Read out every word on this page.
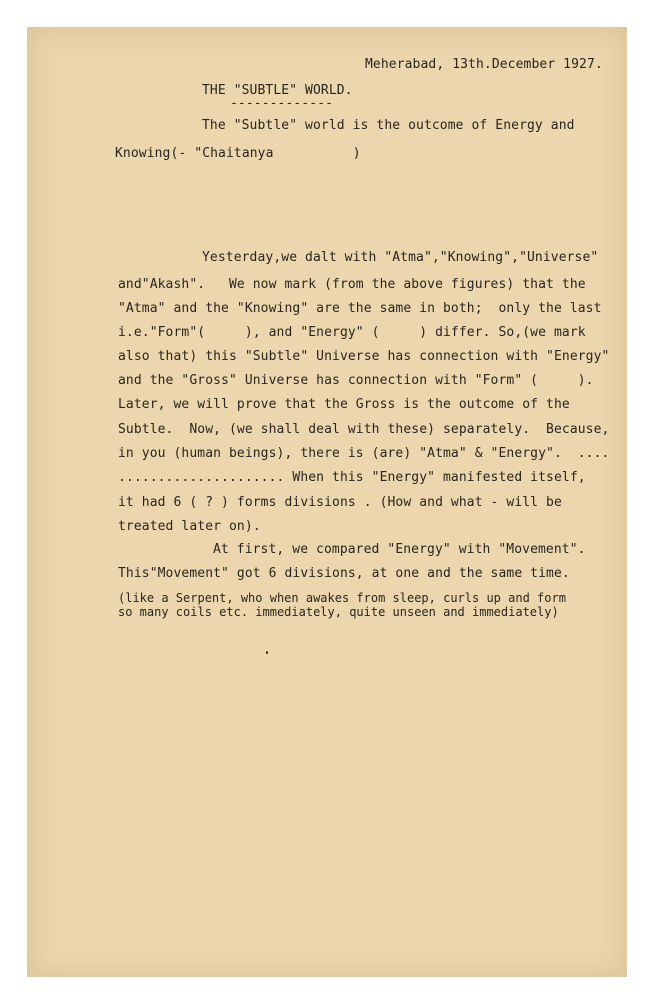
Meherabad, 13th.December 1927.
THE "SUBTLE" WORLD.
-------------
The "Subtle" world is the outcome of Energy and
Knowing(- "Chaitanya          )
Yesterday,we dalt with "Atma","Knowing","Universe"
and"Akash".   We now mark (from the above figures) that the
"Atma" and the "Knowing" are the same in both;  only the last
i.e."Form"(     ), and "Energy" (     ) differ. So,(we mark
also that) this "Subtle" Universe has connection with "Energy"
and the "Gross" Universe has connection with "Form" (     ).
Later, we will prove that the Gross is the outcome of the
Subtle.  Now, (we shall deal with these) separately.  Because,
in you (human beings), there is (are) "Atma" & "Energy".  ....
..................... When this "Energy" manifested itself,
it had 6 ( ? ) forms divisions . (How and what - will be
treated later on).
At first, we compared "Energy" with "Movement".
This"Movement" got 6 divisions, at one and the same time.
(like a Serpent, who when awakes from sleep, curls up and form
so many coils etc. immediately, quite unseen and immediately)
